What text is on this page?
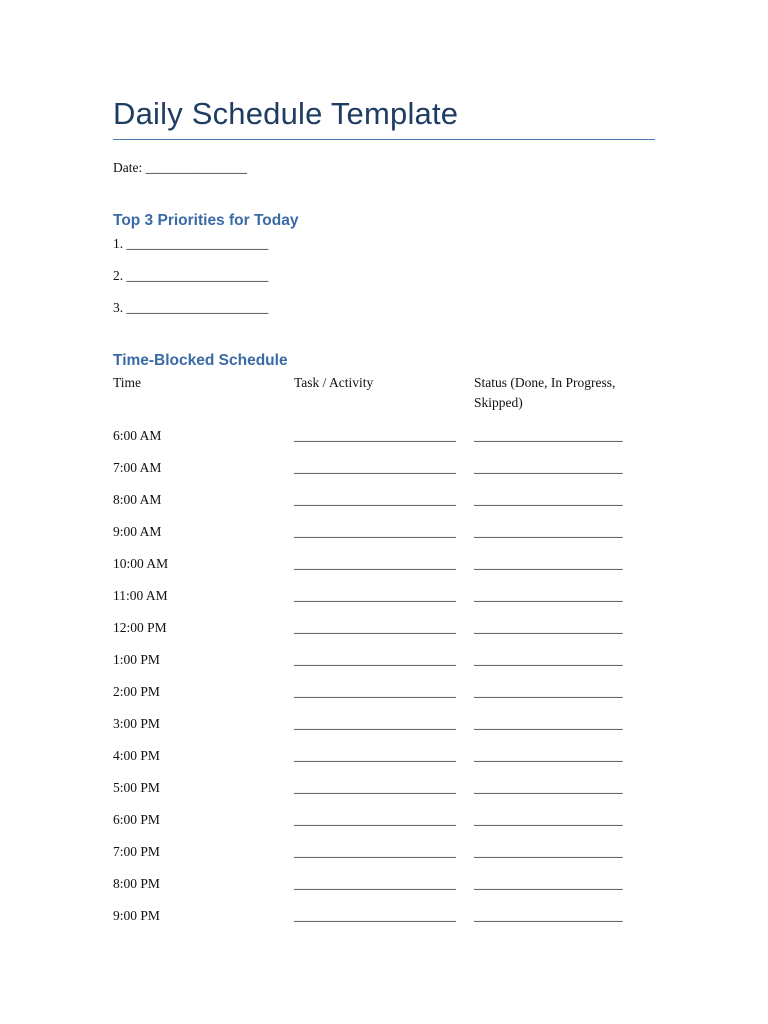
Daily Schedule Template
Date: _______________
Top 3 Priorities for Today
1. _____________________
2. _____________________
3. _____________________
Time-Blocked Schedule
Time	Task / Activity	Status (Done, In Progress, Skipped)
6:00 AM	________________________ ______________________
7:00 AM	________________________ ______________________
8:00 AM	________________________ ______________________
9:00 AM	________________________ ______________________
10:00 AM	________________________ ______________________
11:00 AM	________________________ ______________________
12:00 PM	________________________ ______________________
1:00 PM	________________________ ______________________
2:00 PM	________________________ ______________________
3:00 PM	________________________ ______________________
4:00 PM	________________________ ______________________
5:00 PM	________________________ ______________________
6:00 PM	________________________ ______________________
7:00 PM	________________________ ______________________
8:00 PM	________________________ ______________________
9:00 PM	________________________ ______________________
